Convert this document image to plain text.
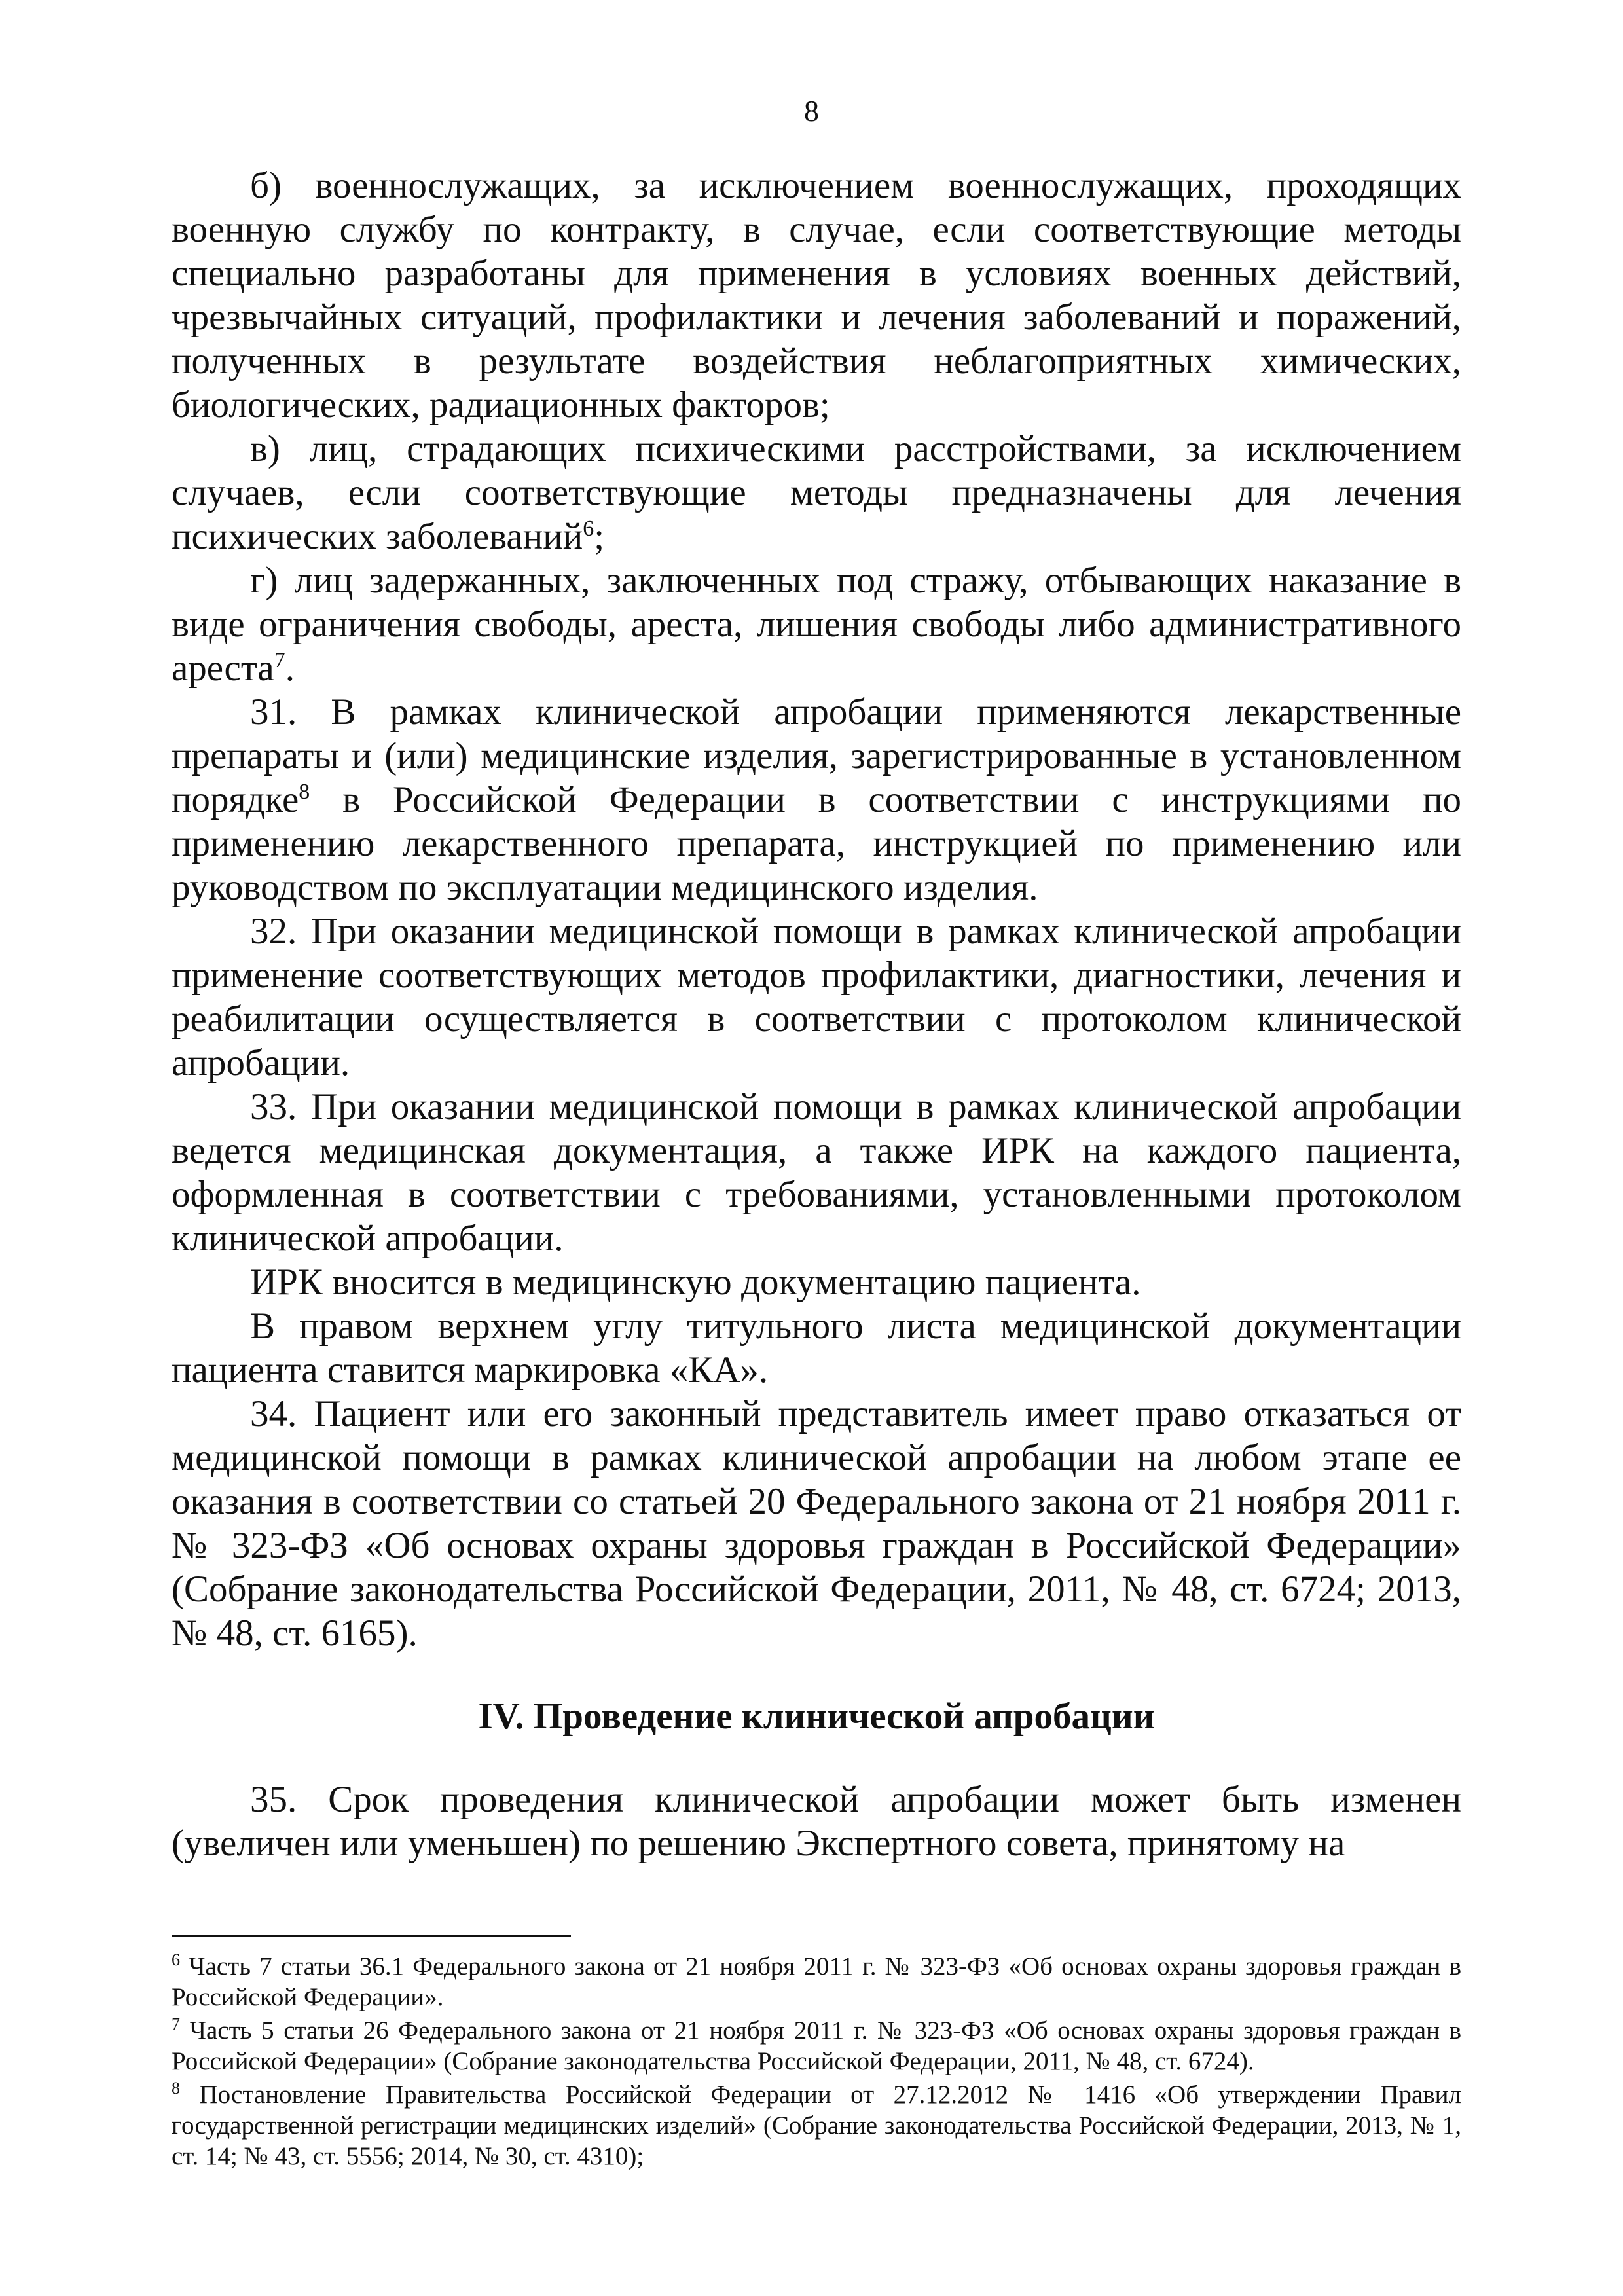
8

б) военнослужащих, за исключением военнослужащих, проходящих военную службу по контракту, в случае, если соответствующие методы специально разработаны для применения в условиях военных действий, чрезвычайных ситуаций, профилактики и лечения заболеваний и поражений, полученных в результате воздействия неблагоприятных химических, биологических, радиационных факторов;

в) лиц, страдающих психическими расстройствами, за исключением случаев, если соответствующие методы предназначены для лечения психических заболеваний$^6$;

г) лиц задержанных, заключенных под стражу, отбывающих наказание в виде ограничения свободы, ареста, лишения свободы либо административного ареста$^7$.

31. В рамках клинической апробации применяются лекарственные препараты и (или) медицинские изделия, зарегистрированные в установленном порядке$^8$ в Российской Федерации в соответствии с инструкциями по применению лекарственного препарата, инструкцией по применению или руководством по эксплуатации медицинского изделия.

32. При оказании медицинской помощи в рамках клинической апробации применение соответствующих методов профилактики, диагностики, лечения и реабилитации осуществляется в соответствии с протоколом клинической апробации.

33. При оказании медицинской помощи в рамках клинической апробации ведется медицинская документация, а также ИРК на каждого пациента, оформленная в соответствии с требованиями, установленными протоколом клинической апробации.

ИРК вносится в медицинскую документацию пациента.

В правом верхнем углу титульного листа медицинской документации пациента ставится маркировка «КА».

34. Пациент или его законный представитель имеет право отказаться от медицинской помощи в рамках клинической апробации на любом этапе ее оказания в соответствии со статьей 20 Федерального закона от 21 ноября 2011 г. № 323-ФЗ «Об основах охраны здоровья граждан в Российской Федерации» (Собрание законодательства Российской Федерации, 2011, № 48, ст. 6724; 2013, № 48, ст. 6165).

IV. Проведение клинической апробации

35. Срок проведения клинической апробации может быть изменен (увеличен или уменьшен) по решению Экспертного совета, принятому на

$^6$ Часть 7 статьи 36.1 Федерального закона от 21 ноября 2011 г. № 323-ФЗ «Об основах охраны здоровья граждан в Российской Федерации».

$^7$ Часть 5 статьи 26 Федерального закона от 21 ноября 2011 г. № 323-ФЗ «Об основах охраны здоровья граждан в Российской Федерации» (Собрание законодательства Российской Федерации, 2011, № 48, ст. 6724).

$^8$ Постановление Правительства Российской Федерации от 27.12.2012 № 1416 «Об утверждении Правил государственной регистрации медицинских изделий» (Собрание законодательства Российской Федерации, 2013, № 1, ст. 14; № 43, ст. 5556; 2014, № 30, ст. 4310);
